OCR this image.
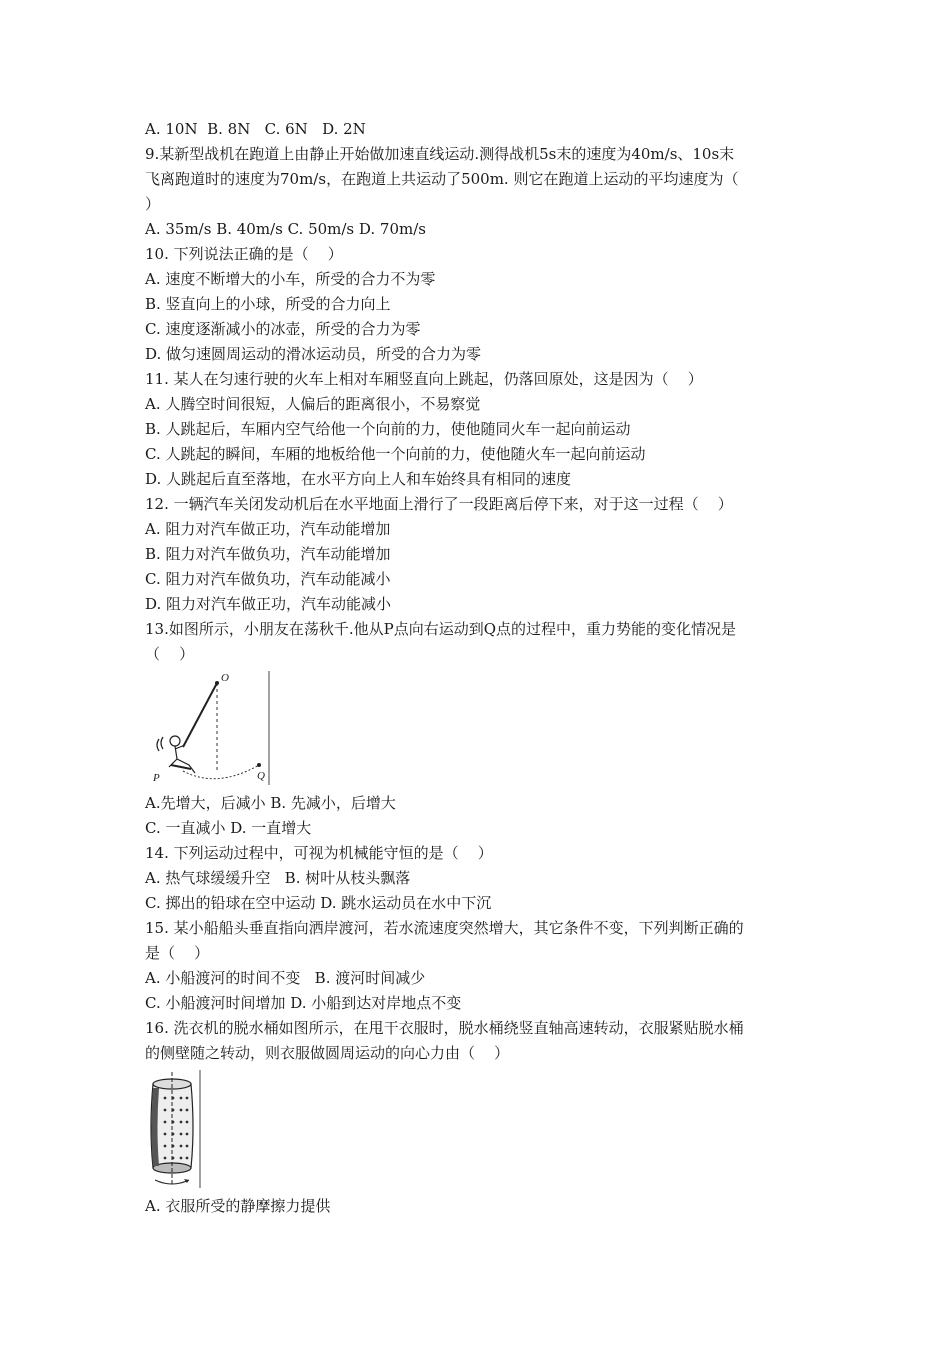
A. 10N  B. 8N   C. 6N   D. 2N
9.某新型战机在跑道上由静止开始做加速直线运动.测得战机5s末的速度为40m/s、10s末
飞离跑道时的速度为70m/s，在跑道上共运动了500m. 则它在跑道上运动的平均速度为（
）
A. 35m/s B. 40m/s C. 50m/s D. 70m/s
10. 下列说法正确的是（    ）
A. 速度不断增大的小车，所受的合力不为零
B. 竖直向上的小球，所受的合力向上
C. 速度逐渐减小的冰壶，所受的合力为零
D. 做匀速圆周运动的滑冰运动员，所受的合力为零
11. 某人在匀速行驶的火车上相对车厢竖直向上跳起，仍落回原处，这是因为（    ）
A. 人腾空时间很短，人偏后的距离很小，不易察觉
B. 人跳起后，车厢内空气给他一个向前的力，使他随同火车一起向前运动
C. 人跳起的瞬间，车厢的地板给他一个向前的力，使他随火车一起向前运动
D. 人跳起后直至落地，在水平方向上人和车始终具有相同的速度
12. 一辆汽车关闭发动机后在水平地面上滑行了一段距离后停下来，对于这一过程（    ）
A. 阻力对汽车做正功，汽车动能增加
B. 阻力对汽车做负功，汽车动能增加
C. 阻力对汽车做负功，汽车动能减小
D. 阻力对汽车做正功，汽车动能减小
13.如图所示，小朋友在荡秋千.他从P点向右运动到Q点的过程中，重力势能的变化情况是
（    ）
O
P	Q
A.先增大，后减小 B. 先减小，后增大
C. 一直减小 D. 一直增大
14. 下列运动过程中，可视为机械能守恒的是（    ）
A. 热气球缓缓升空   B. 树叶从枝头飘落
C. 掷出的铅球在空中运动 D. 跳水运动员在水中下沉
15. 某小船船头垂直指向洒岸渡河，若水流速度突然增大，其它条件不变，下列判断正确的
是（    ）
A. 小船渡河的时间不变   B. 渡河时间减少
C. 小船渡河时间增加 D. 小船到达对岸地点不变
16. 洗衣机的脱水桶如图所示，在甩干衣服时，脱水桶绕竖直轴高速转动，衣服紧贴脱水桶
的侧壁随之转动，则衣服做圆周运动的向心力由（    ）
A. 衣服所受的静摩擦力提供
